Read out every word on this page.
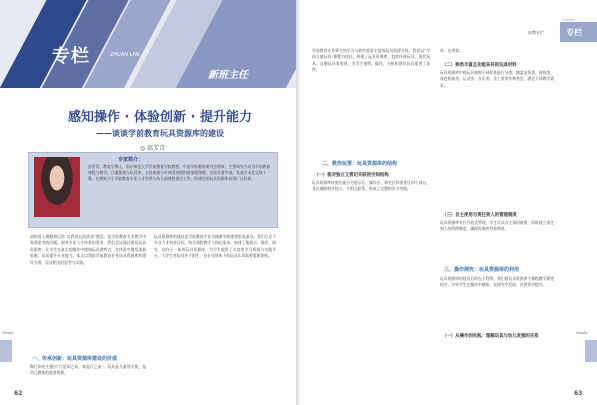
专栏	ZHUAN LAN
新班主任
感知操作 · 体验创新 · 提升能力
——谈谈学前教育玩具资源库的建设
◎ 邱芳青
专家简介：
邱芳青，教育学博士，南京师范大学学前教育学院教授，中国学前教育研究会理事，主要研究方向为学前教育课程与教学、儿童游戏与玩具等。主持或参与多项国家级和省部级课题，出版专著多部，发表学术论文数十篇，长期致力于学前教育专业人才培养与幼儿园课程建设工作，所建设的玩具资源库获得广泛好评。
如何深入理解和运用“自我成长的游戏”理念，是学前教育专业教学中需要思考的问题。面对专业人才培养的要求，我们尝试通过建设玩具资源库，让学生在真实的操作中感知玩具的特点，在体验中激发创新思维，从而提升专业能力。本文以我院学前教育专业玩具资源库的建设为例，谈谈相关的思考与实践。
玩具资源库的建设是学前教育专业实践教学的重要组成部分。我们立足于专业人才培养目标，结合课程教学与岗位需求，构建了集展示、操作、研究、创作于一体的玩具资源库，为学生提供了丰富的学习资源与实践平台。大学生对玩具并不陌生，但专业视角下的玩具认识需要重新建构。
一、传承创新：玩具资源库建设的价值
陶行知先生提出“行是知之始，知是行之成”。玩具是儿童的天使，是幼儿教育的重要资源。
Study
62
职教专栏
Column
专栏
学前教育专业师生的学习与研究需要丰富的玩具资源支持。我们以“学前儿童玩具”课程为依托，构建了玩具资源库，包括传统玩具、现代玩具、自制玩具等类别，为学生观察、操作、分析和创作玩具提供了条件。
二、教你玩要：玩具资源库的结构
（一）相对独立又密切关联的空间结构
玩具资源库按照功能分为展示区、操作区、研究区和创作区四个部分，各区域既相对独立，又相互联系，形成了完整的学习空间。
材、应用等。
（二）种类丰富且功能各异的玩具材料
玩具资源库中的玩具按照不同标准进行分类，涵盖益智类、建构类、角色扮演类、运动类、音乐类、美工类等多种类型，满足不同教学需求。
（三）自主使用与责任到人的管理制度
玩具资源库实行开放式管理，学生可以自主预约使用，同时建立责任到人的管理制度，确保资源的有效利用。
三、操作探究：玩具资源库的利用
玩具资源库的建设目的在于利用。我们将玩具资源库与课程教学紧密结合，引导学生在操作中感知、在探究中发现、在创作中提升。
（一）从操作到实践：理解玩具与幼儿发展的关系
Study
63
